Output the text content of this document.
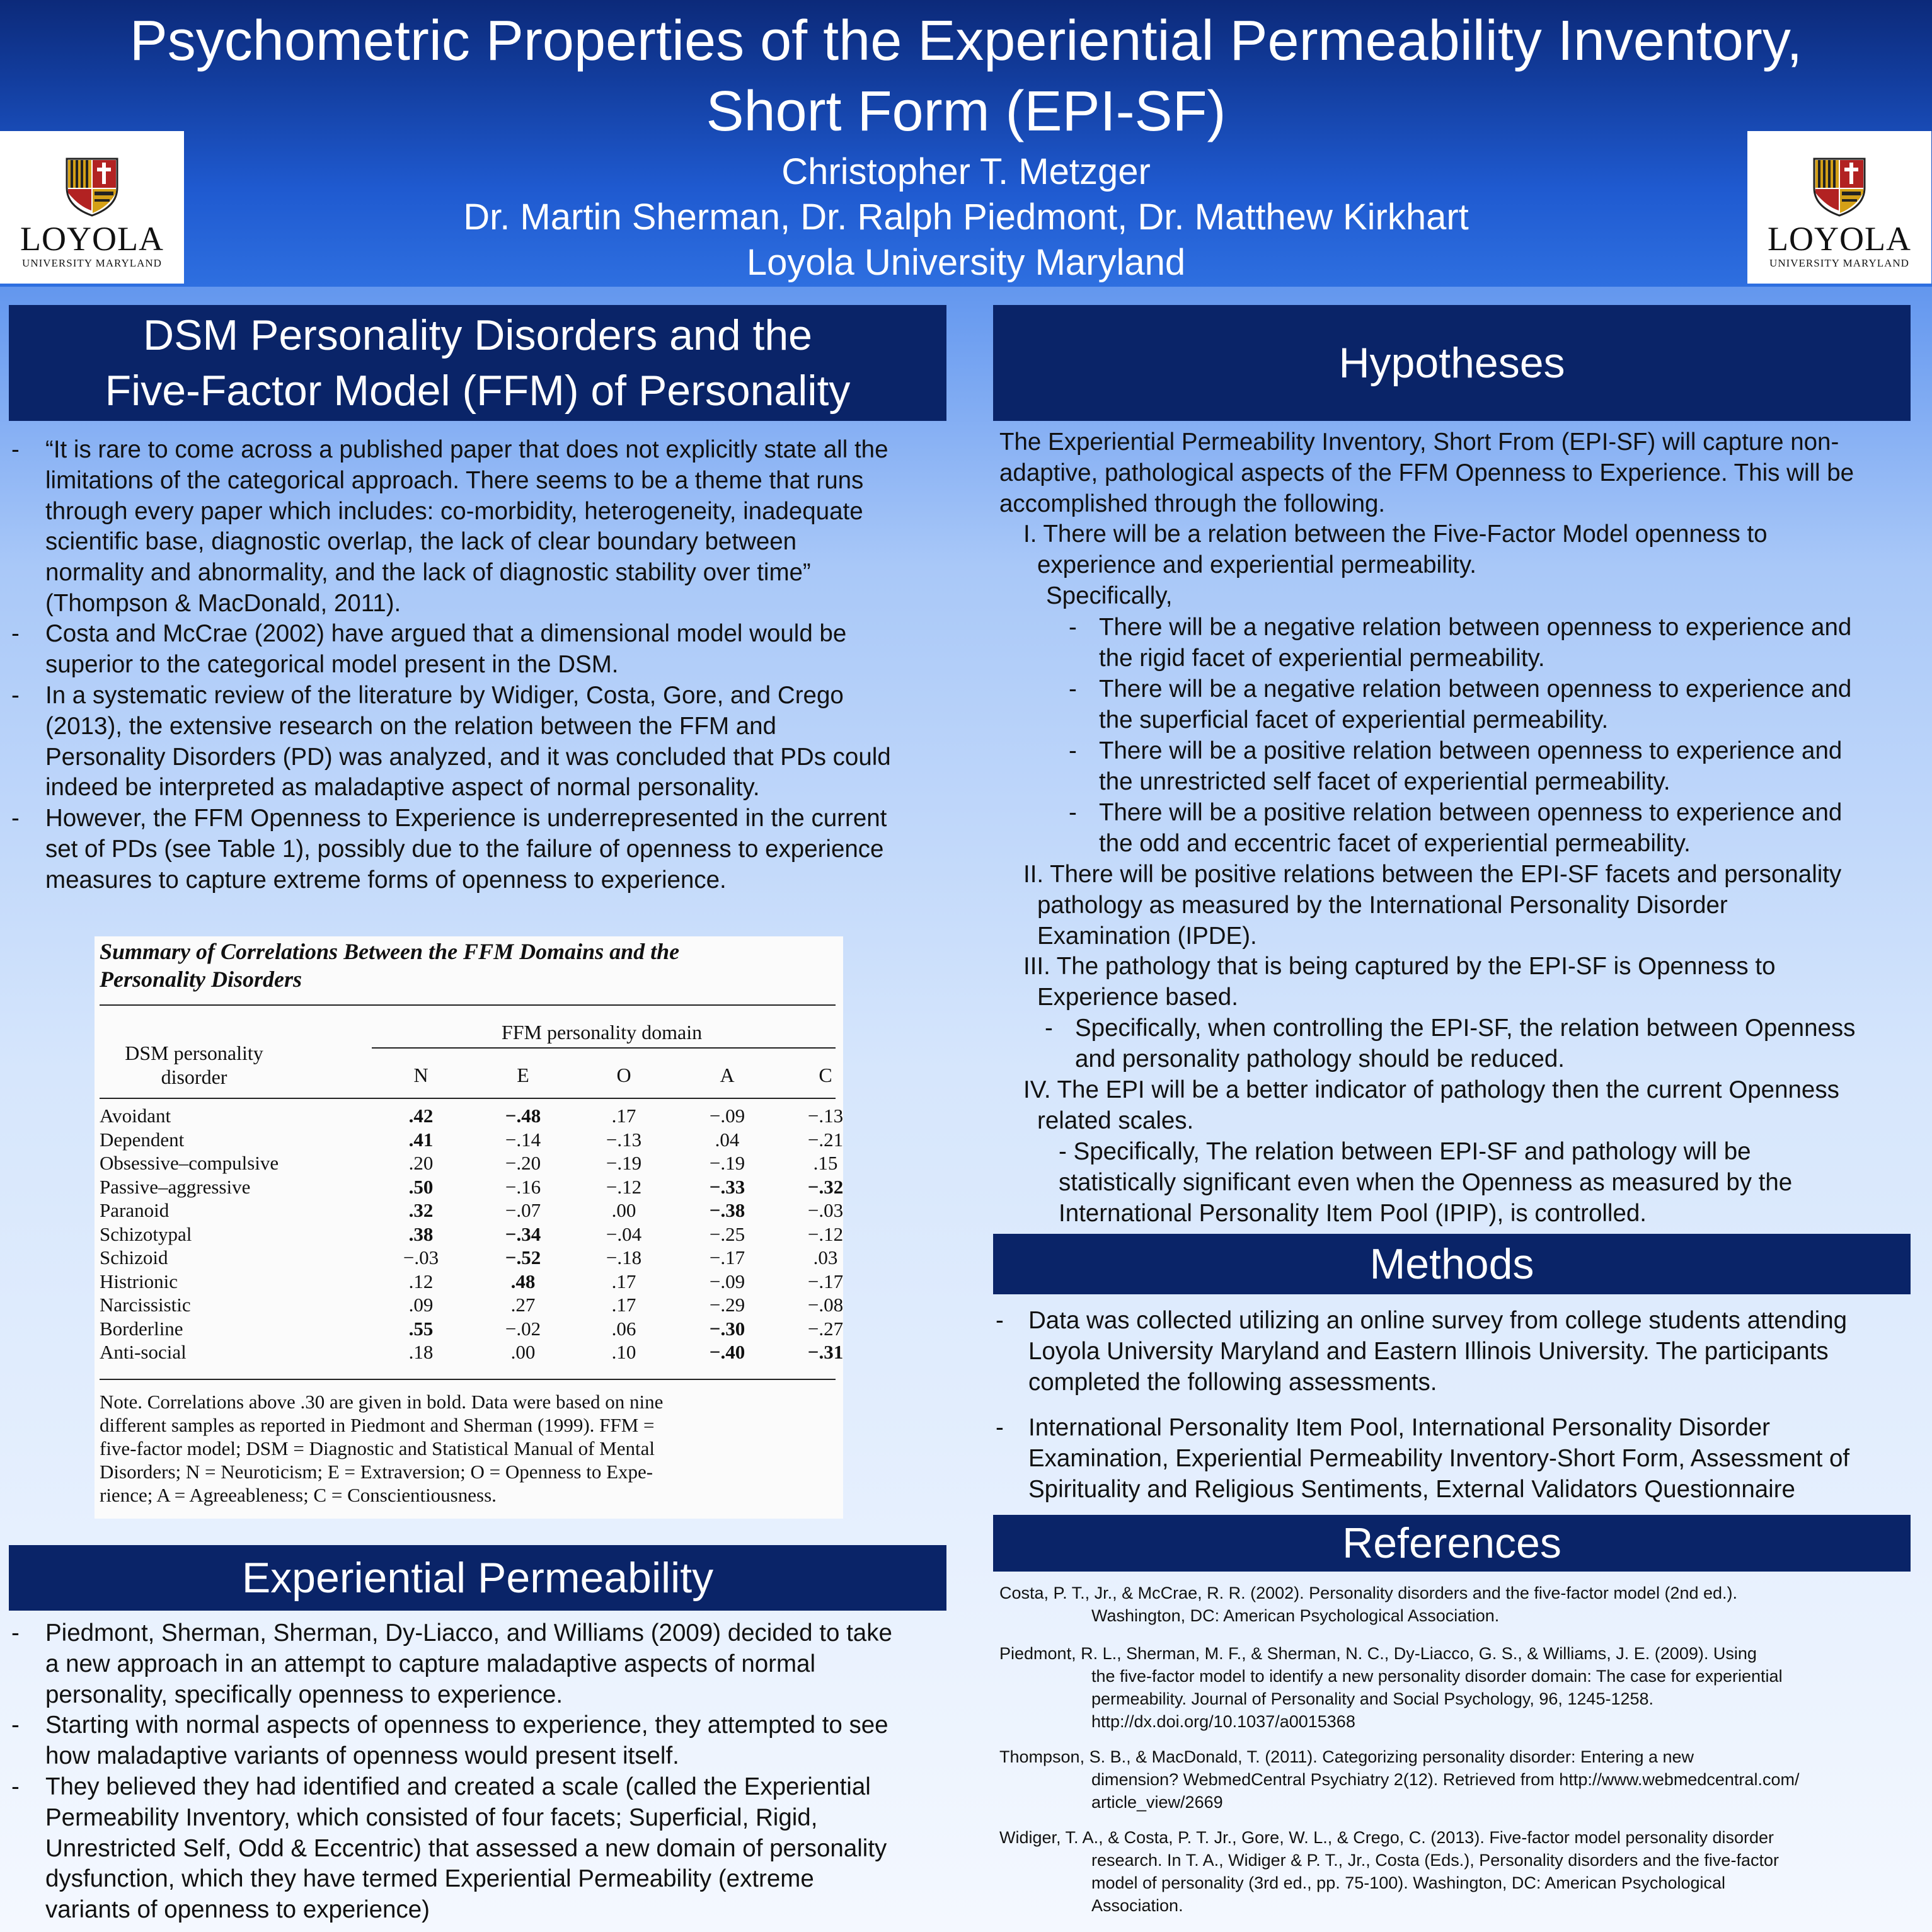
Psychometric Properties of the Experiential Permeability Inventory,
Short Form (EPI-SF)
Christopher T. Metzger
Dr. Martin Sherman, Dr. Ralph Piedmont, Dr. Matthew Kirkhart
Loyola University Maryland
LOYOLA
UNIVERSITY MARYLAND
LOYOLA
UNIVERSITY MARYLAND
DSM Personality Disorders and the
Five-Factor Model (FFM) of Personality
- “It is rare to come across a published paper that does not explicitly state all the
limitations of the categorical approach. There seems to be a theme that runs
through every paper which includes: co-morbidity, heterogeneity, inadequate
scientific base, diagnostic overlap, the lack of clear boundary between
normality and abnormality, and the lack of diagnostic stability over time”
(Thompson & MacDonald, 2011).
- Costa and McCrae (2002) have argued that a dimensional model would be
superior to the categorical model present in the DSM.
- In a systematic review of the literature by Widiger, Costa, Gore, and Crego
(2013), the extensive research on the relation between the FFM and
Personality Disorders (PD) was analyzed, and it was concluded that PDs could
indeed be interpreted as maladaptive aspect of normal personality.
- However, the FFM Openness to Experience is underrepresented in the current
set of PDs (see Table 1), possibly due to the failure of openness to experience
measures to capture extreme forms of openness to experience.
Summary of Correlations Between the FFM Domains and the
Personality Disorders
FFM personality domain
DSM personality
disorder	N	E	O	A	C
Avoidant	.42	−.48	.17	−.09	−.13
Dependent	.41	−.14	−.13	.04	−.21
Obsessive–compulsive	.20	−.20	−.19	−.19	.15
Passive–aggressive	.50	−.16	−.12	−.33	−.32
Paranoid	.32	−.07	.00	−.38	−.03
Schizotypal	.38	−.34	−.04	−.25	−.12
Schizoid	−.03	−.52	−.18	−.17	.03
Histrionic	.12	.48	.17	−.09	−.17
Narcissistic	.09	.27	.17	−.29	−.08
Borderline	.55	−.02	.06	−.30	−.27
Anti-social	.18	.00	.10	−.40	−.31
Note. Correlations above .30 are given in bold. Data were based on nine
different samples as reported in Piedmont and Sherman (1999). FFM =
five-factor model; DSM = Diagnostic and Statistical Manual of Mental
Disorders; N = Neuroticism; E = Extraversion; O = Openness to Expe-
rience; A = Agreeableness; C = Conscientiousness.
Experiential Permeability
- Piedmont, Sherman, Sherman, Dy-Liacco, and Williams (2009) decided to take
a new approach in an attempt to capture maladaptive aspects of normal
personality, specifically openness to experience.
- Starting with normal aspects of openness to experience, they attempted to see
how maladaptive variants of openness would present itself.
- They believed they had identified and created a scale (called the Experiential
Permeability Inventory, which consisted of four facets; Superficial, Rigid,
Unrestricted Self, Odd & Eccentric) that assessed a new domain of personality
dysfunction, which they have termed Experiential Permeability (extreme
variants of openness to experience)
Hypotheses
The Experiential Permeability Inventory, Short From (EPI-SF) will capture non-
adaptive, pathological aspects of the FFM Openness to Experience. This will be
accomplished through the following.
I. There will be a relation between the Five-Factor Model openness to
experience and experiential permeability.
Specifically,
- There will be a negative relation between openness to experience and
the rigid facet of experiential permeability.
- There will be a negative relation between openness to experience and
the superficial facet of experiential permeability.
- There will be a positive relation between openness to experience and
the unrestricted self facet of experiential permeability.
- There will be a positive relation between openness to experience and
the odd and eccentric facet of experiential permeability.
II. There will be positive relations between the EPI-SF facets and personality
pathology as measured by the International Personality Disorder
Examination (IPDE).
III. The pathology that is being captured by the EPI-SF is Openness to
Experience based.
- Specifically, when controlling the EPI-SF, the relation between Openness
and personality pathology should be reduced.
IV. The EPI will be a better indicator of pathology then the current Openness
related scales.
- Specifically, The relation between EPI-SF and pathology will be
statistically significant even when the Openness as measured by the
International Personality Item Pool (IPIP), is controlled.
Methods
- Data was collected utilizing an online survey from college students attending
Loyola University Maryland and Eastern Illinois University. The participants
completed the following assessments.
- International Personality Item Pool, International Personality Disorder
Examination, Experiential Permeability Inventory-Short Form, Assessment of
Spirituality and Religious Sentiments, External Validators Questionnaire
References
Costa, P. T., Jr., & McCrae, R. R. (2002). Personality disorders and the five-factor model (2nd ed.).
Washington, DC: American Psychological Association.
Piedmont, R. L., Sherman, M. F., & Sherman, N. C., Dy-Liacco, G. S., & Williams, J. E. (2009). Using
the five-factor model to identify a new personality disorder domain: The case for experiential
permeability. Journal of Personality and Social Psychology, 96, 1245-1258.
http://dx.doi.org/10.1037/a0015368
Thompson, S. B., & MacDonald, T. (2011). Categorizing personality disorder: Entering a new
dimension? WebmedCentral Psychiatry 2(12). Retrieved from http://www.webmedcentral.com/
article_view/2669
Widiger, T. A., & Costa, P. T. Jr., Gore, W. L., & Crego, C. (2013). Five-factor model personality disorder
research. In T. A., Widiger & P. T., Jr., Costa (Eds.), Personality disorders and the five-factor
model of personality (3rd ed., pp. 75-100). Washington, DC: American Psychological
Association.
